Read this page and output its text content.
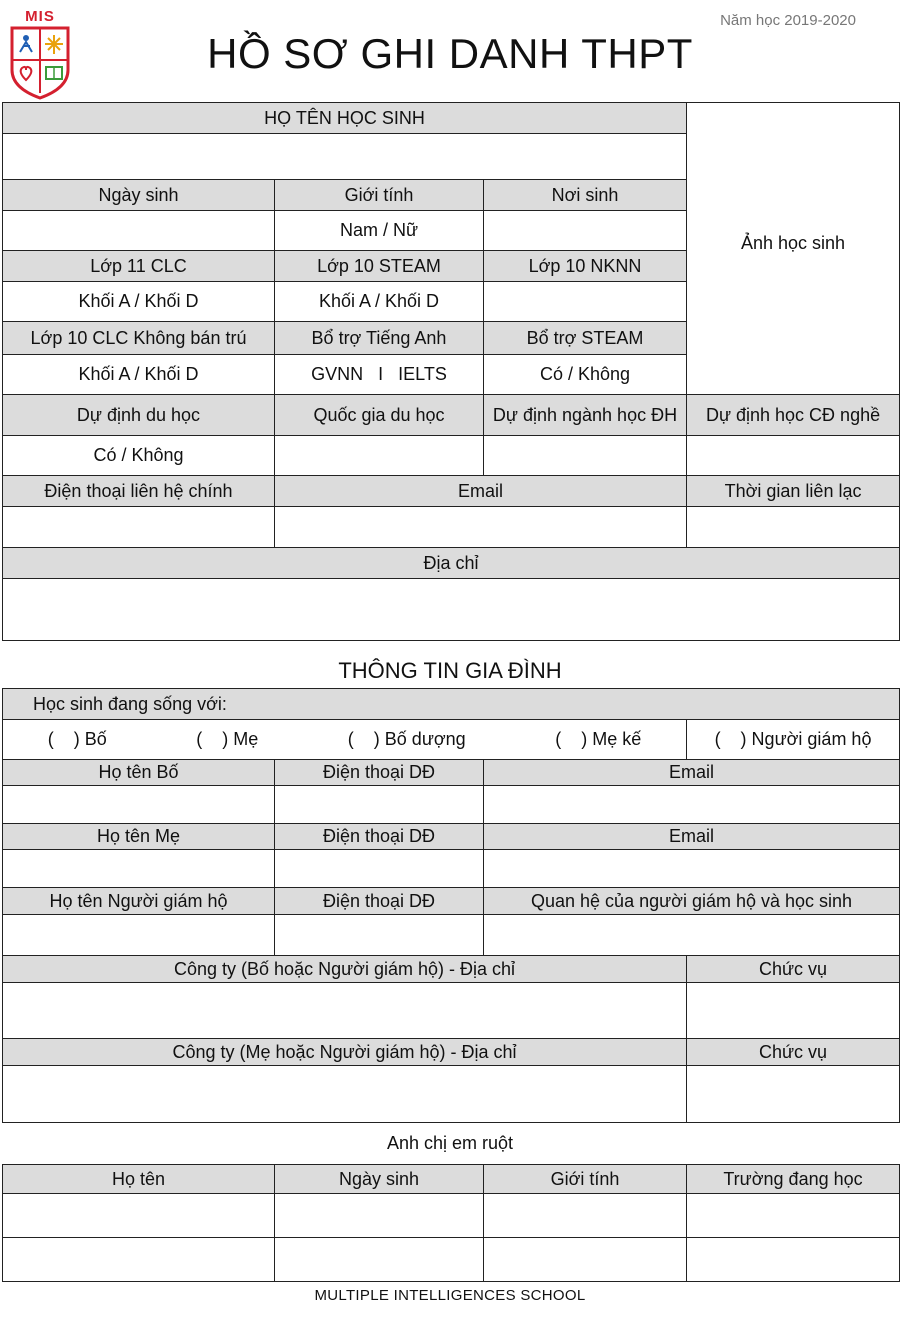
MIS	Năm học 2019-2020
HỒ SƠ GHI DANH THPT
HỌ TÊN HỌC SINH			Ảnh học sinh

Ngày sinh	Giới tính	Nơi sinh	
	Nam / Nữ		
Lớp 11 CLC	Lớp 10 STEAM	Lớp 10 NKNN	
Khối A / Khối D	Khối A / Khối D		
Lớp 10 CLC Không bán trú	Bổ trợ Tiếng Anh	Bổ trợ STEAM	
Khối A / Khối D	GVNN   I   IELTS	Có / Không	
Dự định du học	Quốc gia du học	Dự định ngành học ĐH	Dự định học CĐ nghề
Có / Không			
Điện thoại liên hệ chính	Email		Thời gian liên lạc

Địa chỉ			

THÔNG TIN GIA ĐÌNH
Học sinh đang sống với:			

(    ) Bố (    ) Mẹ (    ) Bố dượng (    ) Mẹ kế			(    ) Người giám hộ
Họ tên Bố	Điện thoại DĐ	Email	

Họ tên Mẹ	Điện thoại DĐ	Email	

Họ tên Người giám hộ	Điện thoại DĐ	Quan hệ của người giám hộ và học sinh	

Công ty (Bố hoặc Người giám hộ) - Địa chỉ			Chức vụ

Công ty (Mẹ hoặc Người giám hộ) - Địa chỉ			Chức vụ

Anh chị em ruột
Họ tên	Ngày sinh	Giới tính	Trường đang học

MULTIPLE INTELLIGENCES SCHOOL
